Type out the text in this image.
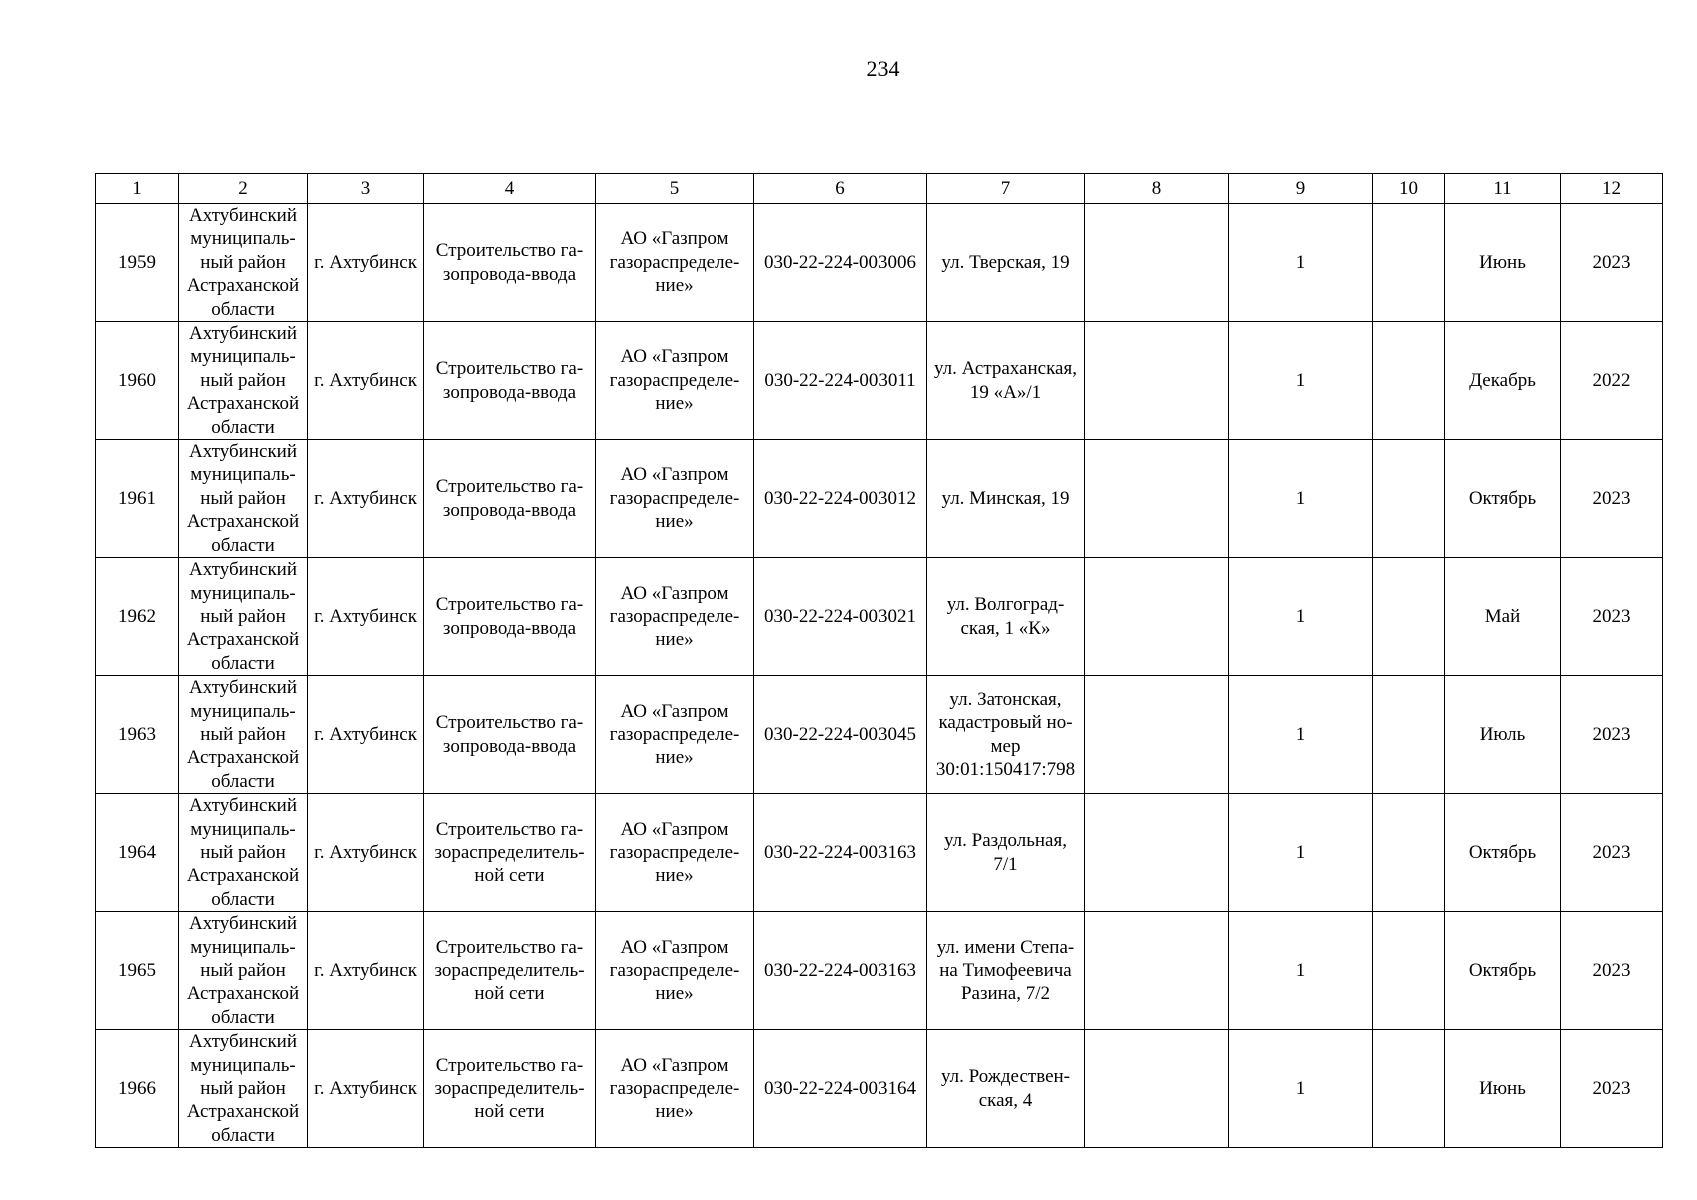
234
1	2	3	4	5	6	7	8	9	10	11	12
1959	Ахтубинский
муниципаль-
ный район
Астраханской
области	г. Ахтубинск	Строительство га-
зопровода-ввода	АО «Газпром
газораспределе-
ние»	030-22-224-003006	ул. Тверская, 19		1		Июнь	2023
1960	Ахтубинский
муниципаль-
ный район
Астраханской
области	г. Ахтубинск	Строительство га-
зопровода-ввода	АО «Газпром
газораспределе-
ние»	030-22-224-003011	ул. Астраханская,
19 «А»/1		1		Декабрь	2022
1961	Ахтубинский
муниципаль-
ный район
Астраханской
области	г. Ахтубинск	Строительство га-
зопровода-ввода	АО «Газпром
газораспределе-
ние»	030-22-224-003012	ул. Минская, 19		1		Октябрь	2023
1962	Ахтубинский
муниципаль-
ный район
Астраханской
области	г. Ахтубинск	Строительство га-
зопровода-ввода	АО «Газпром
газораспределе-
ние»	030-22-224-003021	ул. Волгоград-
ская, 1 «К»		1		Май	2023
1963	Ахтубинский
муниципаль-
ный район
Астраханской
области	г. Ахтубинск	Строительство га-
зопровода-ввода	АО «Газпром
газораспределе-
ние»	030-22-224-003045	ул. Затонская,
кадастровый но-
мер
30:01:150417:798		1		Июль	2023
1964	Ахтубинский
муниципаль-
ный район
Астраханской
области	г. Ахтубинск	Строительство га-
зораспределитель-
ной сети	АО «Газпром
газораспределе-
ние»	030-22-224-003163	ул. Раздольная,
7/1		1		Октябрь	2023
1965	Ахтубинский
муниципаль-
ный район
Астраханской
области	г. Ахтубинск	Строительство га-
зораспределитель-
ной сети	АО «Газпром
газораспределе-
ние»	030-22-224-003163	ул. имени Степа-
на Тимофеевича
Разина, 7/2		1		Октябрь	2023
1966	Ахтубинский
муниципаль-
ный район
Астраханской
области	г. Ахтубинск	Строительство га-
зораспределитель-
ной сети	АО «Газпром
газораспределе-
ние»	030-22-224-003164	ул. Рождествен-
ская, 4		1		Июнь	2023
